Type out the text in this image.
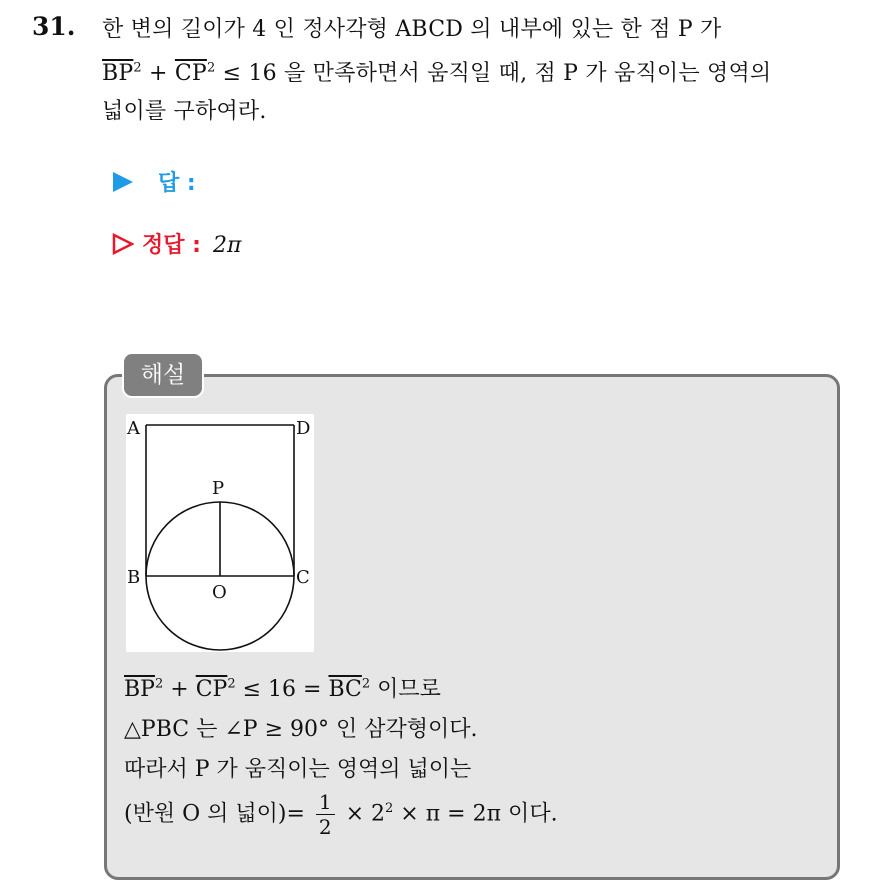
31. 한 변의 길이가 4 인 정사각형 ABCD 의 내부에 있는 한 점 P 가
$\overline{BP}^2 + \overline{CP}^2 \le 16$ 을 만족하면서 움직일 때, 점 P 가 움직이는 영역의
넓이를 구하여라.
답 :
정답 : 2π
해설
A	D
P
B	C
O
$\overline{BP}^2 + \overline{CP}^2 \le 16 = \overline{BC}^2$ 이므로
△PBC 는 ∠P ≥ 90° 인 삼각형이다.
따라서 P 가 움직이는 영역의 넓이는
(반원 O 의 넓이)= $\frac{1}{2} \times 2^2 \times \pi = 2\pi$ 이다.
